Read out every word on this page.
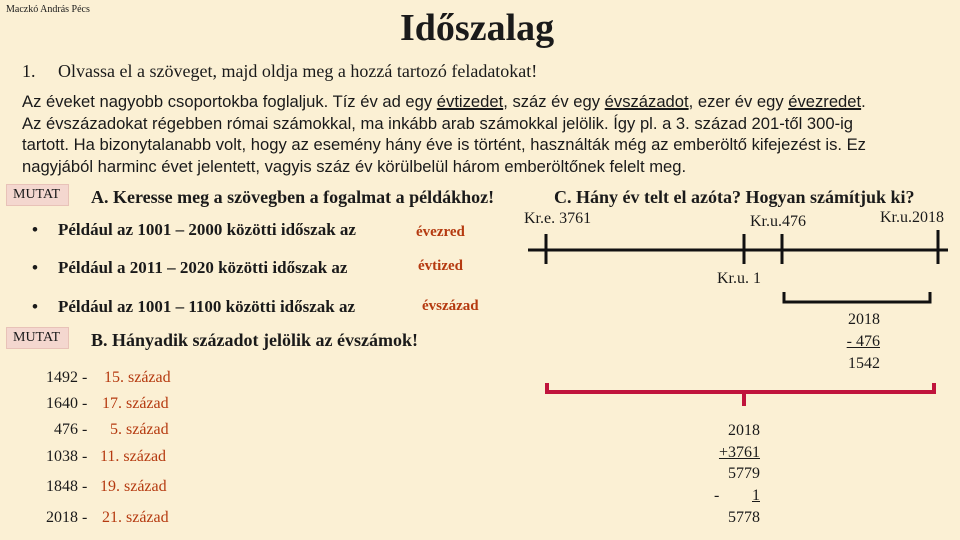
Maczkó András Pécs	Időszalag
1. Olvassa el a szöveget, majd oldja meg a hozzá tartozó feladatokat!
Az éveket nagyobb csoportokba foglaljuk. Tíz év ad egy évtizedet, száz év egy évszázadot, ezer év egy évezredet.
Az évszázadokat régebben római számokkal, ma inkább arab számokkal jelölik. Így pl. a 3. század 201-től 300-ig
tartott. Ha bizonytalanabb volt, hogy az esemény hány éve is történt, használták még az emberöltő kifejezést is. Ez
nagyjából harminc évet jelentett, vagyis száz év körülbelül három emberöltőnek felelt meg.
MUTAT
MUTAT
A. Keresse meg a szövegben a fogalmat a példákhoz!	C. Hány év telt el azóta? Hogyan számítjuk ki?
• Például az 1001 – 2000 közötti időszak az	évezred
• Például a 2011 – 2020 közötti időszak az	évtized
• Például az 1001 – 1100 közötti időszak az	évszázad
B. Hányadik századot jelölik az évszámok!
1492 - 15. század
1640 - 17. század
476 - 5. század
1038 - 11. század
1848 - 19. század
2018 - 21. század
Kr.e. 3761	Kr.u.476	Kr.u.2018
Kr.u. 1
2018
- 476
1542
2018
+3761
5779
-	1
5778
